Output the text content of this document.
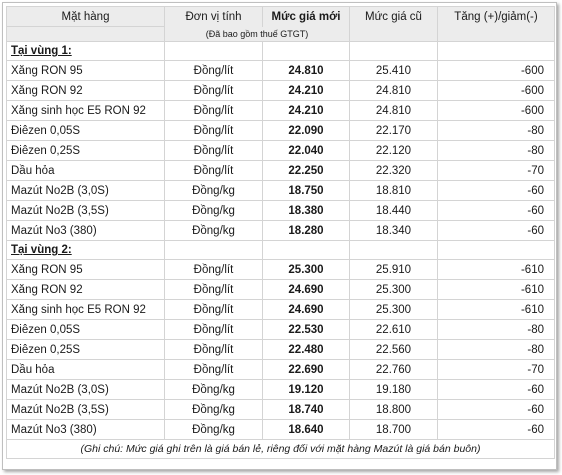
Mặt hàng	Đơn vị tính	Mức giá mới	Mức giá cũ	Tăng (+)/giảm(-)
	(Đã bao gồm thuế GTGT)			
Tại vùng 1:				
Xăng RON 95	Đồng/lít	24.810	25.410	-600
Xăng RON 92	Đồng/lít	24.210	24.810	-600
Xăng sinh học E5 RON 92	Đồng/lít	24.210	24.810	-600
Điêzen 0,05S	Đồng/lít	22.090	22.170	-80
Điêzen 0,25S	Đồng/lít	22.040	22.120	-80
Dầu hỏa	Đồng/lít	22.250	22.320	-70
Mazút No2B (3,0S)	Đồng/kg	18.750	18.810	-60
Mazút No2B (3,5S)	Đồng/kg	18.380	18.440	-60
Mazút No3 (380)	Đồng/kg	18.280	18.340	-60
Tại vùng 2:				
Xăng RON 95	Đồng/lít	25.300	25.910	-610
Xăng RON 92	Đồng/lít	24.690	25.300	-610
Xăng sinh học E5 RON 92	Đồng/lít	24.690	25.300	-610
Điêzen 0,05S	Đồng/lít	22.530	22.610	-80
Điêzen 0,25S	Đồng/lít	22.480	22.560	-80
Dầu hỏa	Đồng/lít	22.690	22.760	-70
Mazút No2B (3,0S)	Đồng/kg	19.120	19.180	-60
Mazút No2B (3,5S)	Đồng/kg	18.740	18.800	-60
Mazút No3 (380)	Đồng/kg	18.640	18.700	-60
(Ghi chú: Mức giá ghi trên là giá bán lẻ, riêng đối với mặt hàng Mazút là giá bán buôn)				
